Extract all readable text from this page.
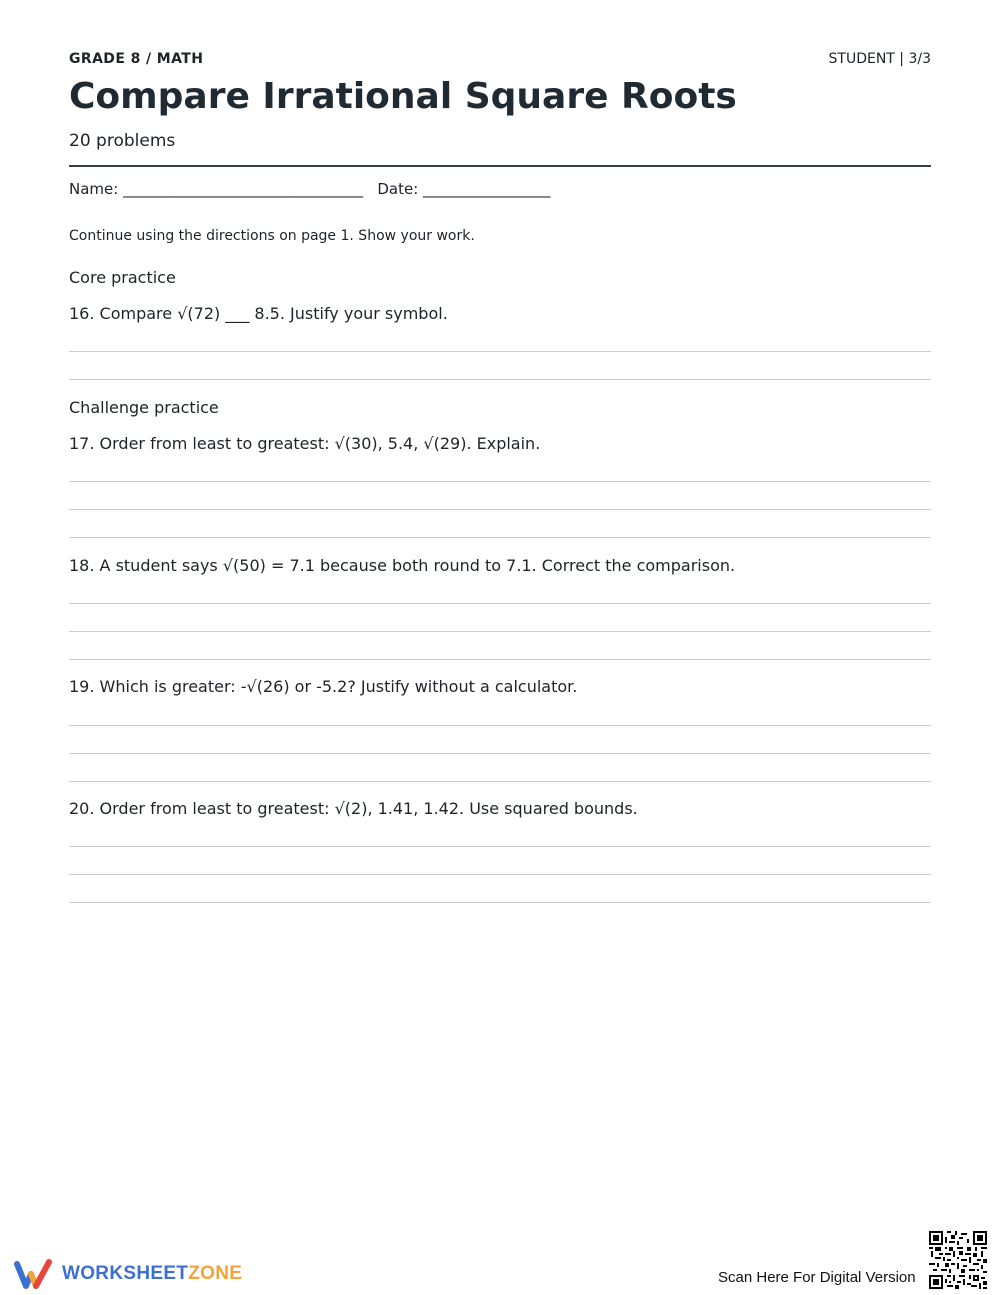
GRADE 8 / MATH	STUDENT | 3/3
Compare Irrational Square Roots
20 problems
Name: ________________________________   Date: _________________
Continue using the directions on page 1. Show your work.
Core practice
16. Compare √(72) ___ 8.5. Justify your symbol.
Challenge practice
17. Order from least to greatest: √(30), 5.4, √(29). Explain.
18. A student says √(50) = 7.1 because both round to 7.1. Correct the comparison.
19. Which is greater: -√(26) or -5.2? Justify without a calculator.
20. Order from least to greatest: √(2), 1.41, 1.42. Use squared bounds.
WORKSHEETZONE	Scan Here For Digital Version
